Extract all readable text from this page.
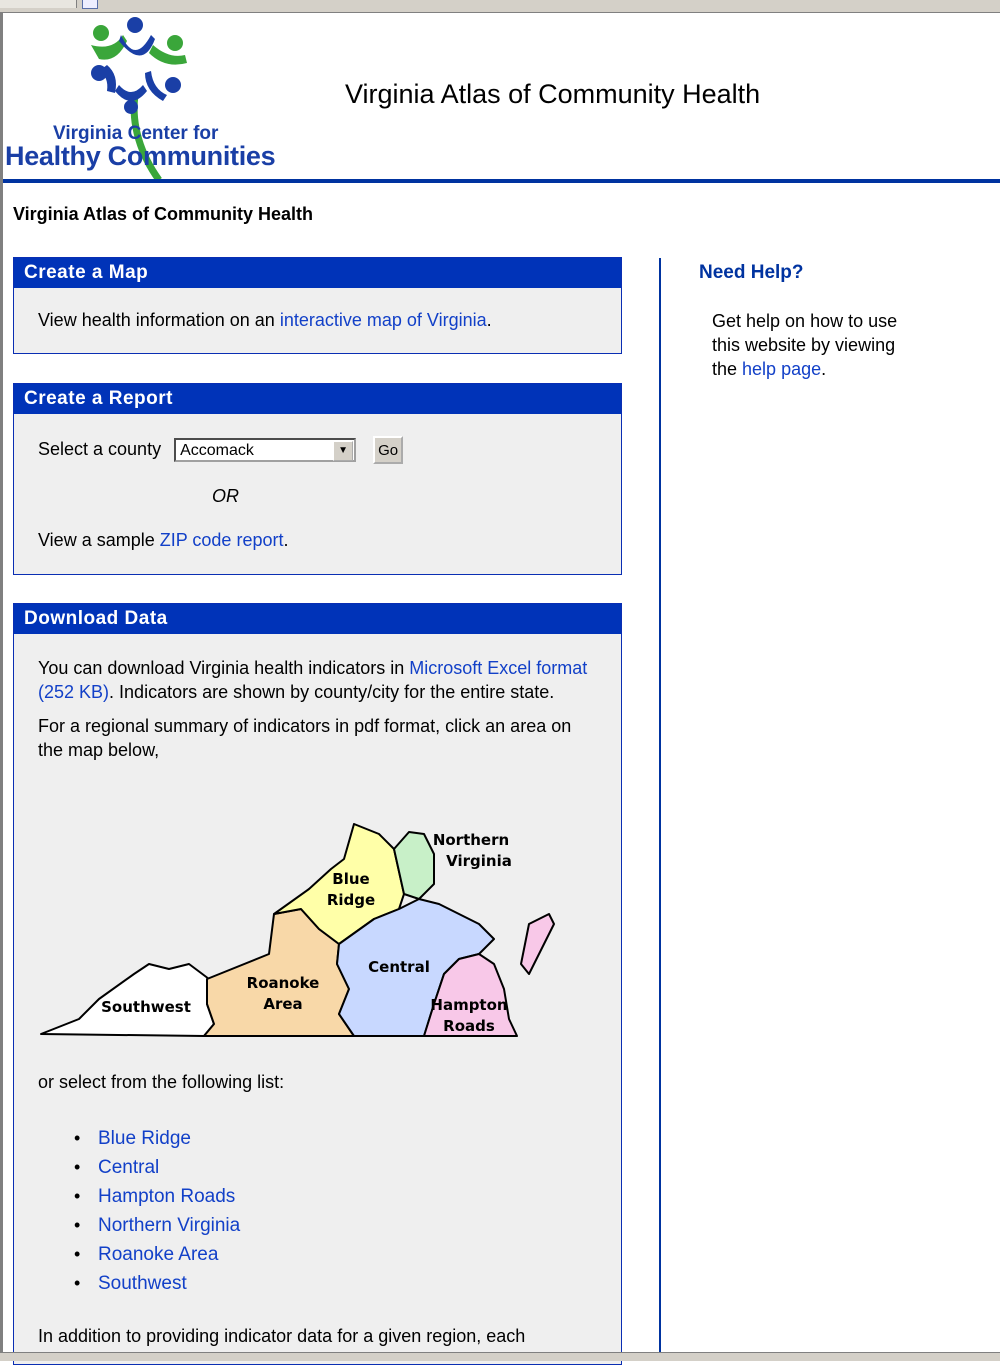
Virginia Center for
Healthy Communities
Virginia Atlas of Community Health
Virginia Atlas of Community Health
Create a Map
View health information on an interactive map of Virginia.
Create a Report
Select a county Accomack	▼	Go
OR
View a sample ZIP code report.
Download Data
You can download Virginia health indicators in Microsoft Excel format (252 KB). Indicators are shown by county/city for the entire state.
For a regional summary of indicators in pdf format, click an area on the map below,
Northern
Virginia
Blue
Ridge
Central
Roanoke
Area
Southwest	Hampton
Roads
or select from the following list:
• Blue Ridge
• Central
• Hampton Roads
• Northern Virginia
• Roanoke Area
• Southwest
In addition to providing indicator data for a given region, each
Need Help?
Get help on how to use this website by viewing the help page.
